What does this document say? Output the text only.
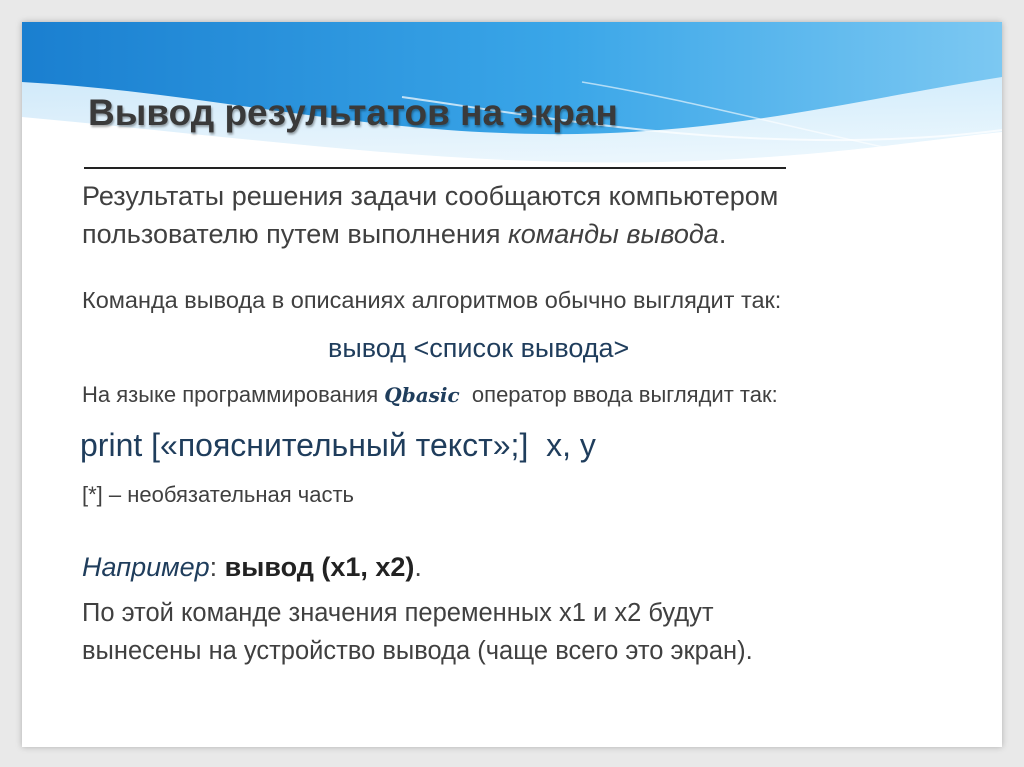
Вывод результатов на экран
Результаты решения задачи сообщаются компьютером
пользователю путем выполнения команды вывода.
Команда вывода в описаниях алгоритмов обычно выглядит так:
вывод <список вывода>
На языке программирования Qbasic  оператор ввода выглядит так:
print [«пояснительный текст»;]  x, y
[*] – необязательная часть
Например: вывод (х1, х2).
По этой команде значения переменных х1 и х2 будут
вынесены на устройство вывода (чаще всего это экран).
